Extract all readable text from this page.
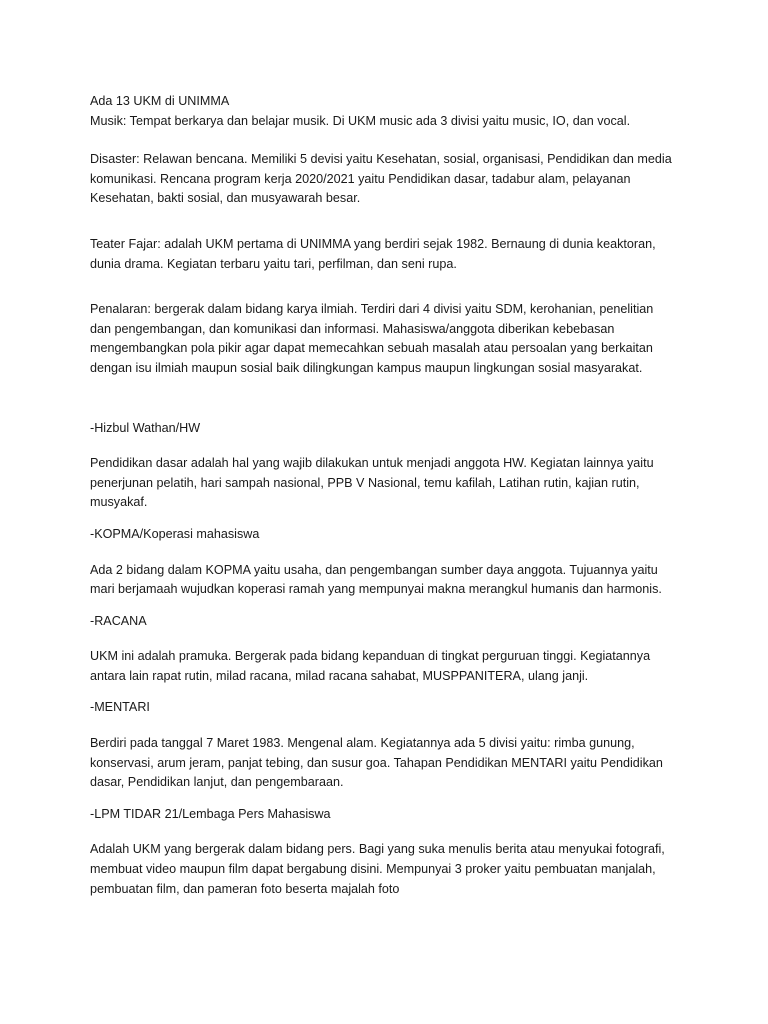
Ada 13 UKM di UNIMMA
Musik: Tempat berkarya dan belajar musik. Di UKM music ada 3 divisi yaitu music, IO, dan vocal.
Disaster: Relawan bencana. Memiliki 5 devisi yaitu Kesehatan, sosial, organisasi, Pendidikan dan media
komunikasi. Rencana program kerja 2020/2021 yaitu Pendidikan dasar, tadabur alam, pelayanan
Kesehatan, bakti sosial, dan musyawarah besar.
Teater Fajar: adalah UKM pertama di UNIMMA yang berdiri sejak 1982. Bernaung di dunia keaktoran,
dunia drama. Kegiatan terbaru yaitu tari, perfilman, dan seni rupa.
Penalaran: bergerak dalam bidang karya ilmiah. Terdiri dari 4 divisi yaitu SDM, kerohanian, penelitian
dan pengembangan, dan komunikasi dan informasi. Mahasiswa/anggota diberikan kebebasan
mengembangkan pola pikir agar dapat memecahkan sebuah masalah atau persoalan yang berkaitan
dengan isu ilmiah maupun sosial baik dilingkungan kampus maupun lingkungan sosial masyarakat.
-Hizbul Wathan/HW
Pendidikan dasar adalah hal yang wajib dilakukan untuk menjadi anggota HW. Kegiatan lainnya yaitu
penerjunan pelatih, hari sampah nasional, PPB V Nasional, temu kafilah, Latihan rutin, kajian rutin,
musyakaf.
-KOPMA/Koperasi mahasiswa
Ada 2 bidang dalam KOPMA yaitu usaha, dan pengembangan sumber daya anggota. Tujuannya yaitu
mari berjamaah wujudkan koperasi ramah yang mempunyai makna merangkul humanis dan harmonis.
-RACANA
UKM ini adalah pramuka. Bergerak pada bidang kepanduan di tingkat perguruan tinggi. Kegiatannya
antara lain rapat rutin, milad racana, milad racana sahabat, MUSPPANITERA, ulang janji.
-MENTARI
Berdiri pada tanggal 7 Maret 1983. Mengenal alam. Kegiatannya ada 5 divisi yaitu: rimba gunung,
konservasi, arum jeram, panjat tebing, dan susur goa. Tahapan Pendidikan MENTARI yaitu Pendidikan
dasar, Pendidikan lanjut, dan pengembaraan.
-LPM TIDAR 21/Lembaga Pers Mahasiswa
Adalah UKM yang bergerak dalam bidang pers. Bagi yang suka menulis berita atau menyukai fotografi,
membuat video maupun film dapat bergabung disini. Mempunyai 3 proker yaitu pembuatan manjalah,
pembuatan film, dan pameran foto beserta majalah foto
